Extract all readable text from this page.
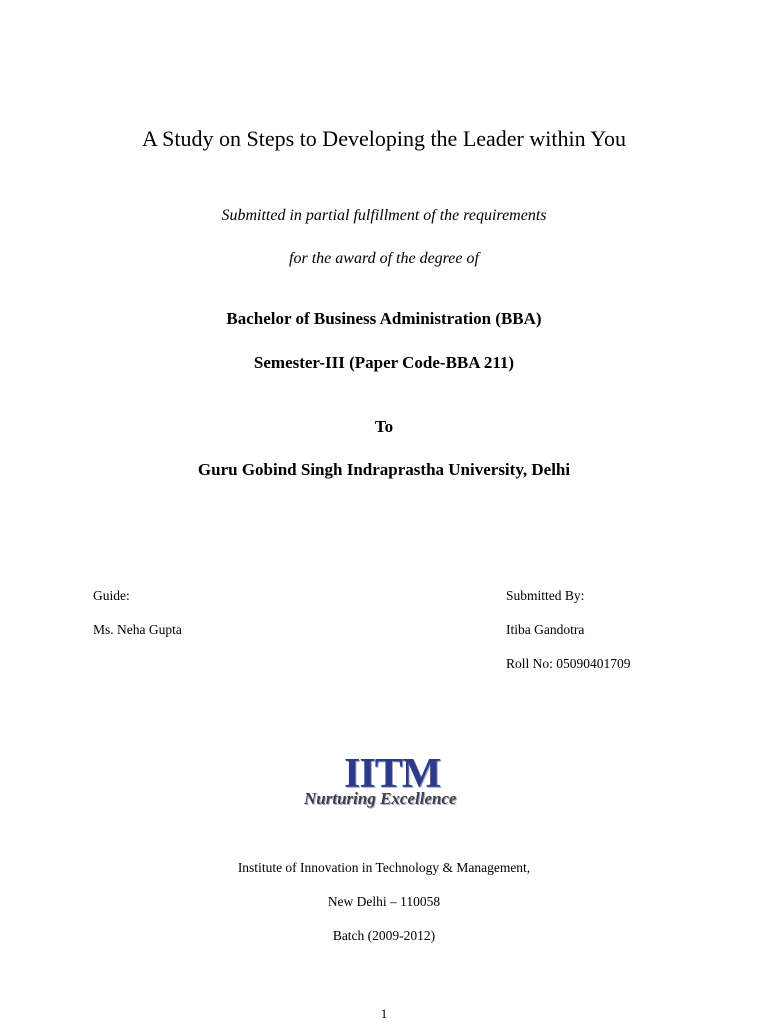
A Study on Steps to Developing the Leader within You
Submitted in partial fulfillment of the requirements
for the award of the degree of
Bachelor of Business Administration (BBA)
Semester-III (Paper Code-BBA 211)
To
Guru Gobind Singh Indraprastha University, Delhi
Guide:
Ms. Neha Gupta
Submitted By:
Itiba Gandotra
Roll No: 05090401709
IITM
Nurturing Excellence
Institute of Innovation in Technology & Management,
New Delhi – 110058
Batch (2009-2012)
1
